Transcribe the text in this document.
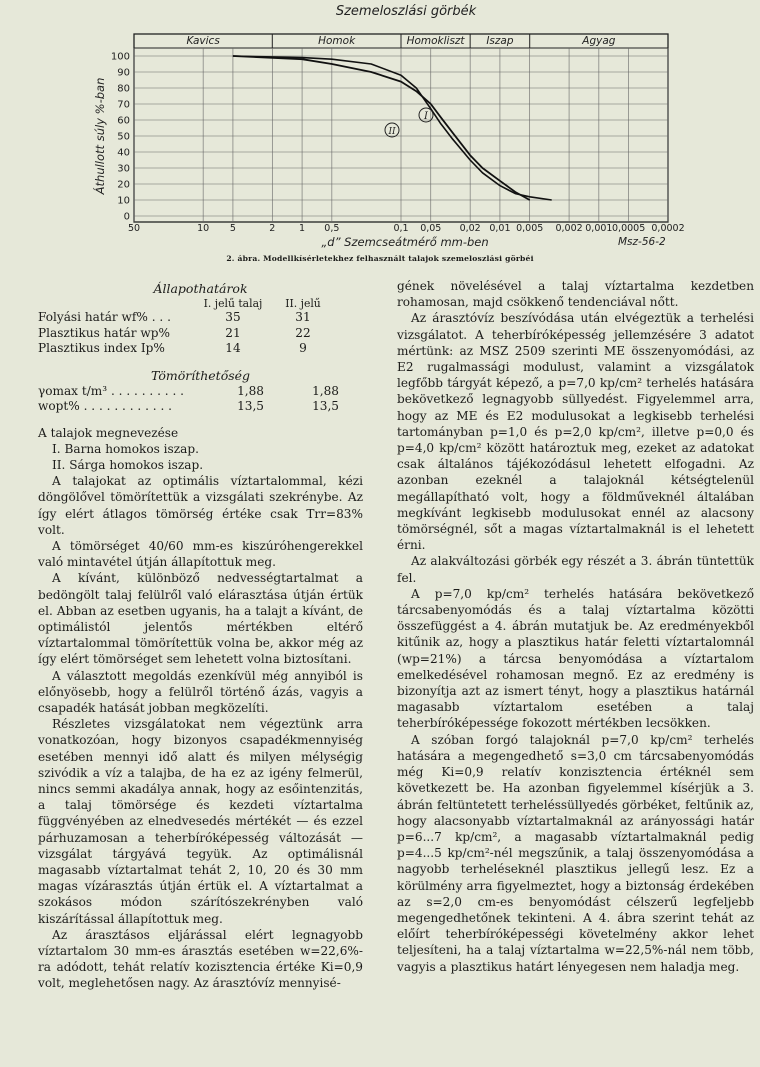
Szemeloszlási görbék
Kavics	Homok	Homokliszt Iszap	Agyag
100
90
80
70
60
50
40
30
20
10
0
50	10 5	2 1 0,5	0,1 0,05 0,02 0,01 0,005 0,002 0,001 0,0005 0,0002
Áthullott súly %-ban
„d” Szemcseátmérő mm-ben	Msz-56-2
I
II
2. ábra. Modellkísérletekhez felhasznált talajok szemeloszlási görbéi
Állapothatárok
	I. jelű talaj	II. jelű	
Folyási határ wf% . . .	35	31	
Plasztikus határ wp%	21	22	
Plasztikus index Ip%	14	9	
Tömöríthetőség
γomax t/m³ . . . . . . . . . .	1,88	1,88
wopt% . . . . . . . . . . . .	13,5	13,5
A talajok megnevezése
I. Barna homokos iszap.
II. Sárga homokos iszap.

A talajokat az optimális víztartalommal, kézi döngölővel tömörítettük a vizsgálati szekrénybe. Az így elért átlagos tömörség értéke csak Trr=83% volt.

A tömörséget 40/60 mm-es kiszúróhengerekkel való mintavétel útján állapítottuk meg.

A kívánt, különböző nedvességtartalmat a bedöngölt talaj felülről való elárasztása útján értük el. Abban az esetben ugyanis, ha a talajt a kívánt, de optimálistól jelentős mértékben eltérő víztartalommal tömörítettük volna be, akkor még az így elért tömörséget sem lehetett volna biztosítani.

A választott megoldás ezenkívül még annyiból is előnyösebb, hogy a felülről történő ázás, vagyis a csapadék hatását jobban megközelíti.

Részletes vizsgálatokat nem végeztünk arra vonatkozóan, hogy bizonyos csapadékmennyiség esetében mennyi idő alatt és milyen mélységig szivódik a víz a talajba, de ha ez az igény felmerül, nincs semmi akadálya annak, hogy az esőintenzitás, a talaj tömörsége és kezdeti víztartalma függvényében az elnedvesedés mértékét — és ezzel párhuzamosan a teherbíróképesség változását — vizsgálat tárgyává tegyük. Az optimálisnál magasabb víztartalmat tehát 2, 10, 20 és 30 mm magas vízárasztás útján értük el. A víztartalmat a szokásos módon szárítószekrényben való kiszárítással állapítottuk meg.

Az árasztásos eljárással elért legnagyobb víztartalom 30 mm-es árasztás esetében w=22,6%-ra adódott, tehát relatív kozisztencia értéke Ki=0,9 volt, meglehetősen nagy. Az árasztóvíz mennyisé-

gének növelésével a talaj víztartalma kezdetben rohamosan, majd csökkenő tendenciával nőtt.

Az árasztóvíz beszívódása után elvégeztük a terhelési vizsgálatot. A teherbíróképesség jellemzésére 3 adatot mértünk: az MSZ 2509 szerinti ME összenyomódási, az E2 rugalmassági modulust, valamint a vizsgálatok legfőbb tárgyát képező, a p=7,0 kp/cm² terhelés hatására bekövetkező legnagyobb süllyedést. Figyelemmel arra, hogy az ME és E2 modulusokat a legkisebb terhelési tartományban p=1,0 és p=2,0 kp/cm², illetve p=0,0 és p=4,0 kp/cm² között határoztuk meg, ezeket az adatokat csak általános tájékozódásul lehetett elfogadni. Az azonban ezeknél a talajoknál kétségtelenül megállapítható volt, hogy a földműveknél általában megkívánt legkisebb modulusokat ennél az alacsony tömörségnél, sőt a magas víztartalmaknál is el lehetett érni.

Az alakváltozási görbék egy részét a 3. ábrán tüntettük fel.

A p=7,0 kp/cm² terhelés hatására bekövetkező tárcsabenyomódás és a talaj víztartalma közötti összefüggést a 4. ábrán mutatjuk be. Az eredményekből kitűnik az, hogy a plasztikus határ feletti víztartalomnál (wp=21%) a tárcsa benyomódása a víztartalom emelkedésével rohamosan megnő. Ez az eredmény is bizonyítja azt az ismert tényt, hogy a plasztikus határnál magasabb víztartalom esetében a talaj teherbíróképessége fokozott mértékben lecsökken.

A szóban forgó talajoknál p=7,0 kp/cm² terhelés hatására a megengedhető s=3,0 cm tárcsabenyomódás még Ki=0,9 relatív konzisztencia értéknél sem következett be. Ha azonban figyelemmel kísérjük a 3. ábrán feltüntetett terheléssüllyedés görbéket, feltűnik az, hogy alacsonyabb víztartalmaknál az arányossági határ p=6...7 kp/cm², a magasabb víztartalmaknál pedig p=4...5 kp/cm²-nél megszűnik, a talaj összenyomódása a nagyobb terheléseknél plasztikus jellegű lesz. Ez a körülmény arra figyelmeztet, hogy a biztonság érdekében az s=2,0 cm-es benyomódást célszerű legfeljebb megengedhetőnek tekinteni. A 4. ábra szerint tehát az előírt teherbíróképességi követelmény akkor lehet teljesíteni, ha a talaj víztartalma w=22,5%-nál nem több, vagyis a plasztikus határt lényegesen nem haladja meg.
